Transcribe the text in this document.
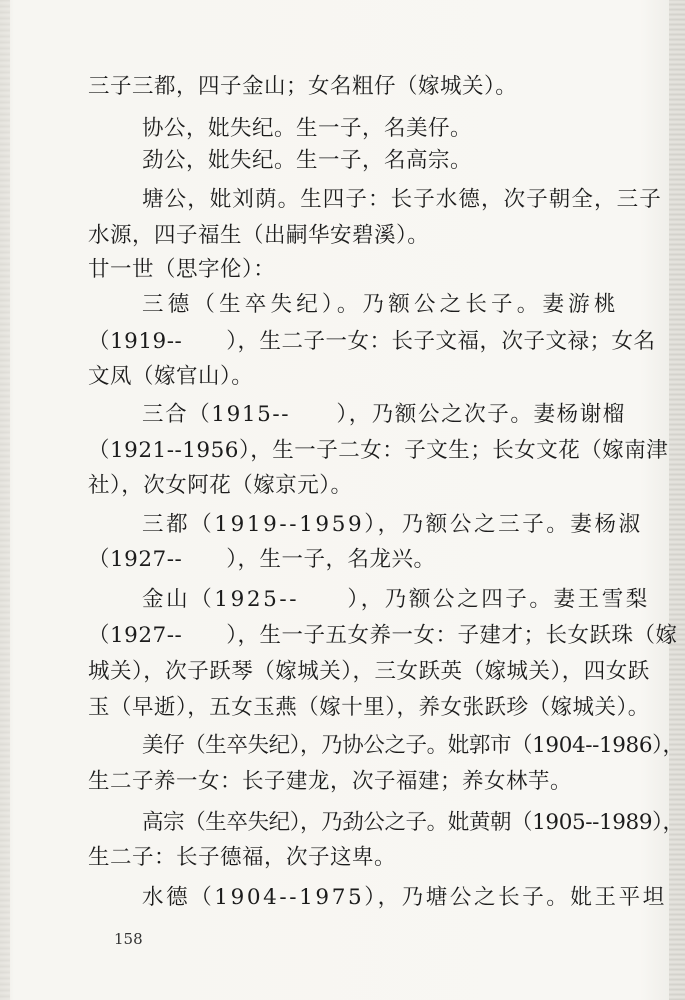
三子三都，四子金山；女名粗仔（嫁城关）。
协公，妣失纪。生一子，名美仔。
劲公，妣失纪。生一子，名高宗。
塘公，妣刘荫。生四子：长子水德，次子朝全，三子
水源，四子福生（出嗣华安碧溪）。
廿一世（思字伦）：
三德（生卒失纪）。乃额公之长子。妻游桃
（1919--　　），生二子一女：长子文福，次子文禄；女名
文凤（嫁官山）。
三合（1915--　　），乃额公之次子。妻杨谢榴
（1921--1956），生一子二女：子文生；长女文花（嫁南津
社），次女阿花（嫁京元）。
三都（1919--1959），乃额公之三子。妻杨淑
（1927--　　），生一子，名龙兴。
金山（1925--　　），乃额公之四子。妻王雪梨
（1927--　　），生一子五女养一女：子建才；长女跃珠（嫁
城关），次子跃琴（嫁城关），三女跃英（嫁城关），四女跃
玉（早逝），五女玉燕（嫁十里），养女张跃珍（嫁城关）。
美仔（生卒失纪），乃协公之子。妣郭市（1904--1986），
生二子养一女：长子建龙，次子福建；养女林芋。
高宗（生卒失纪），乃劲公之子。妣黄朝（1905--1989），
生二子：长子德福，次子这卑。
水德（1904--1975），乃塘公之长子。妣王平坦
158
